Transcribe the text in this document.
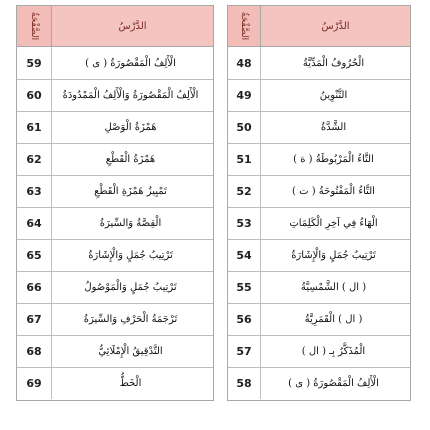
الصَّفْحَةُ	الدَّرْسُ
59	الْأَلِفُ الْمَقْصُورَةُ ( ى )
60	الْأَلِفُ الْمَقْصُورَةُ وَالْأَلِفُ الْمَمْدُودَةُ
61	هَمْزَةُ الْوَصْلِ
62	هَمْزَةُ الْقَطْعِ
63	تَمْيِيزُ هَمْزَةِ الْقَطْعِ
64	الْقِصَّةُ وَالسِّيرَةُ
65	تَرْتِيبُ جُمَلٍ وَالْإِشَارَةُ
66	تَرْتِيبُ جُمَلٍ وَالْمَوْصُولُ
67	تَرْجَمَةُ الْحَرْفِ وَالسِّيرَةُ
68	التَّدْقِيقُ الْإِمْلَائِيُّ
69	الْخَطُّ
الصَّفْحَةُ	الدَّرْسُ
48	الْحُرُوفُ الْمَدِّيَّةُ
49	التَّنْوِينُ
50	الشَّدَّةُ
51	التَّاءُ الْمَرْبُوطَةُ ( ة )
52	التَّاءُ الْمَفْتُوحَةُ ( ت )
53	الْهَاءُ فِي آخِرِ الْكَلِمَاتِ
54	تَرْتِيبُ جُمَلٍ وَالْإِشَارَةُ
55	( ال ) الشَّمْسِيَّةُ
56	( ال ) الْقَمَرِيَّةُ
57	الْمُذَكَّرُ بِـ ( ال )
58	الْأَلِفُ الْمَقْصُورَةُ ( ى )
